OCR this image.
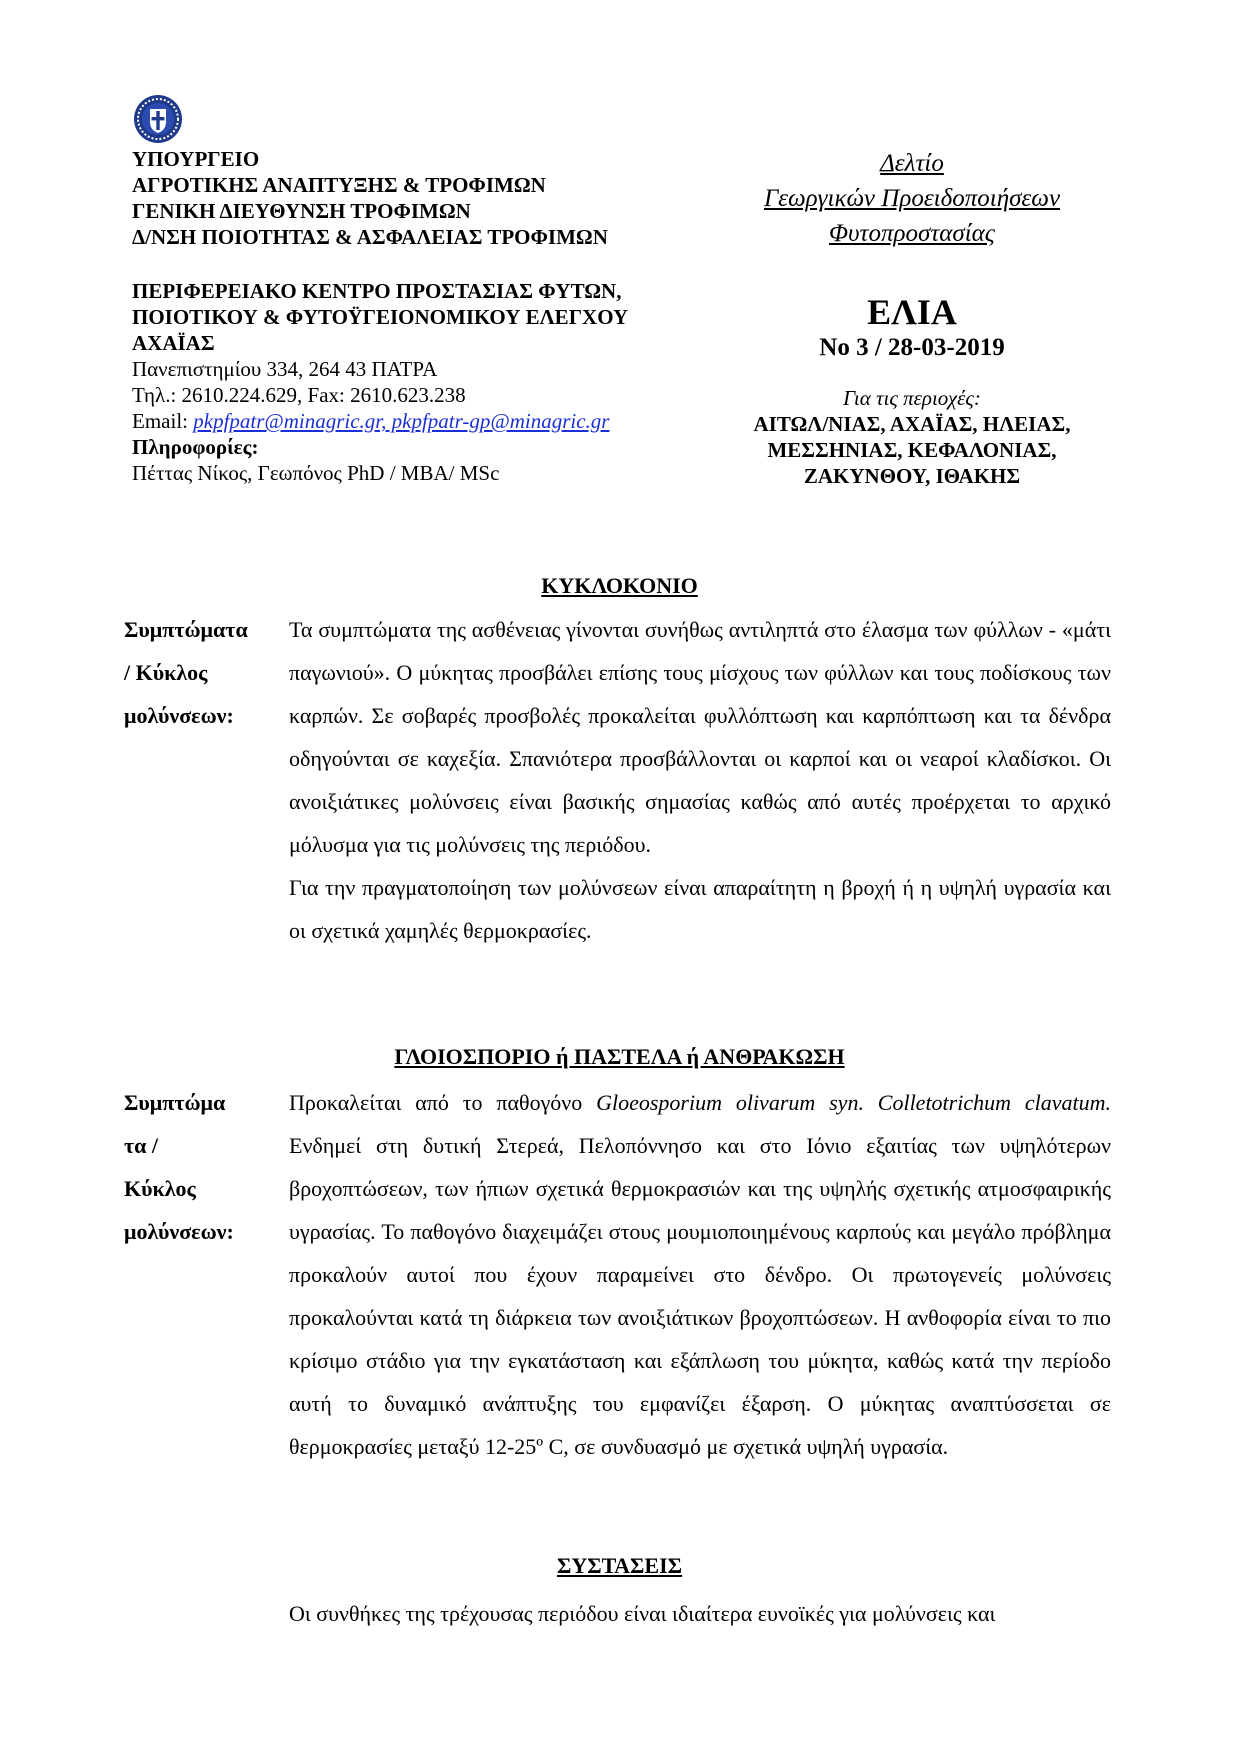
ΥΠΟΥΡΓΕΙΟ
ΑΓΡΟΤΙΚΗΣ ΑΝΑΠΤΥΞΗΣ & ΤΡΟΦΙΜΩΝ
ΓΕΝΙΚΗ ΔΙΕΥΘΥΝΣΗ ΤΡΟΦΙΜΩΝ
Δ/ΝΣΗ ΠΟΙΟΤΗΤΑΣ & ΑΣΦΑΛΕΙΑΣ ΤΡΟΦΙΜΩΝ
ΠΕΡΙΦΕΡΕΙΑΚΟ ΚΕΝΤΡΟ ΠΡΟΣΤΑΣΙΑΣ ΦΥΤΩΝ,
ΠΟΙΟΤΙΚΟΥ & ΦΥΤΟΫΓΕΙΟΝΟΜΙΚΟΥ ΕΛΕΓΧΟΥ
ΑΧΑΪΑΣ
Πανεπιστημίου 334, 264 43 ΠΑΤΡΑ
Τηλ.: 2610.224.629, Fax: 2610.623.238
Email: pkpfpatr@minagric.gr, pkpfpatr-gp@minagric.gr
Πληροφορίες:
Πέττας Νίκος, Γεωπόνος PhD / MBA/ MSc
Δελτίο
Γεωργικών Προειδοποιήσεων
Φυτοπροστασίας
ΕΛΙΑ
Νο 3 / 28-03-2019
Για τις περιοχές:
ΑΙΤΩΛ/ΝΙΑΣ, ΑΧΑΪΑΣ, ΗΛΕΙΑΣ,
ΜΕΣΣΗΝΙΑΣ, ΚΕΦΑΛΟΝΙΑΣ,
ΖΑΚΥΝΘΟΥ, ΙΘΑΚΗΣ
ΚΥΚΛΟΚΟΝΙΟ
Συμπτώματα
/ Κύκλος
μολύνσεων:

Τα συμπτώματα της ασθένειας γίνονται συνήθως αντιληπτά στο έλασμα των φύλλων - «μάτι παγωνιού». Ο μύκητας προσβάλει επίσης τους μίσχους των φύλλων και τους ποδίσκους των καρπών. Σε σοβαρές προσβολές προκαλείται φυλλόπτωση και καρπόπτωση και τα δένδρα οδηγούνται σε καχεξία. Σπανιότερα προσβάλλονται οι καρποί και οι νεαροί κλαδίσκοι. Οι ανοιξιάτικες μολύνσεις είναι βασικής σημασίας καθώς από αυτές προέρχεται το αρχικό μόλυσμα για τις μολύνσεις της περιόδου.

Για την πραγματοποίηση των μολύνσεων είναι απαραίτητη η βροχή ή η υψηλή υγρασία και οι σχετικά χαμηλές θερμοκρασίες.

ΓΛΟΙΟΣΠΟΡΙΟ ή ΠΑΣΤΕΛΑ ή ΑΝΘΡΑΚΩΣΗ
Συμπτώμα
τα /
Κύκλος
μολύνσεων:

Προκαλείται από το παθογόνο Gloeosporium olivarum syn. Colletotrichum clavatum. Ενδημεί στη δυτική Στερεά, Πελοπόννησο και στο Ιόνιο εξαιτίας των υψηλότερων βροχοπτώσεων, των ήπιων σχετικά θερμοκρασιών και της υψηλής σχετικής ατμοσφαιρικής υγρασίας. Το παθογόνο διαχειμάζει στους μουμιοποιημένους καρπούς και μεγάλο πρόβλημα προκαλούν αυτοί που έχουν παραμείνει στο δένδρο. Οι πρωτογενείς μολύνσεις προκαλούνται κατά τη διάρκεια των ανοιξιάτικων βροχοπτώσεων. Η ανθοφορία είναι το πιο κρίσιμο στάδιο για την εγκατάσταση και εξάπλωση του μύκητα, καθώς κατά την περίοδο αυτή το δυναμικό ανάπτυξης του εμφανίζει έξαρση. Ο μύκητας αναπτύσσεται σε θερμοκρασίες μεταξύ 12-25º C, σε συνδυασμό με σχετικά υψηλή υγρασία.

ΣΥΣΤΑΣΕΙΣ

Οι συνθήκες της τρέχουσας περιόδου είναι ιδιαίτερα ευνοϊκές για μολύνσεις και
